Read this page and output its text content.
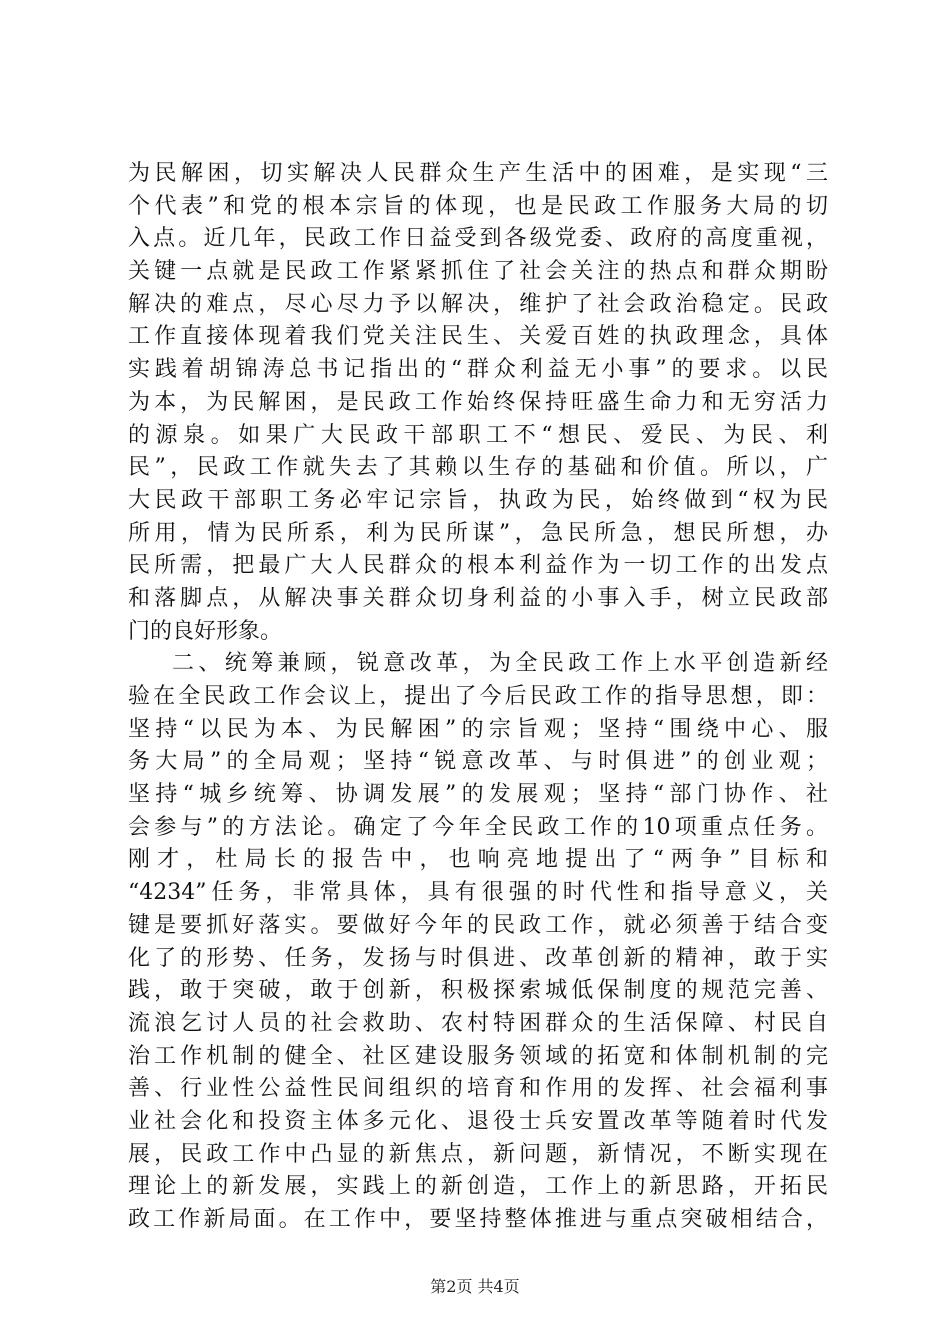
为民解困，切实解决人民群众生产生活中的困难，是实现“三
个代表”和党的根本宗旨的体现，也是民政工作服务大局的切
入点。近几年，民政工作日益受到各级党委、政府的高度重视，
关键一点就是民政工作紧紧抓住了社会关注的热点和群众期盼
解决的难点，尽心尽力予以解决，维护了社会政治稳定。民政
工作直接体现着我们党关注民生、关爱百姓的执政理念，具体
实践着胡锦涛总书记指出的“群众利益无小事”的要求。以民
为本，为民解困，是民政工作始终保持旺盛生命力和无穷活力
的源泉。如果广大民政干部职工不“想民、爱民、为民、利
民”，民政工作就失去了其赖以生存的基础和价值。所以，广
大民政干部职工务必牢记宗旨，执政为民，始终做到“权为民
所用，情为民所系，利为民所谋”，急民所急，想民所想，办
民所需，把最广大人民群众的根本利益作为一切工作的出发点
和落脚点，从解决事关群众切身利益的小事入手，树立民政部
门的良好形象。
二、统筹兼顾，锐意改革，为全民政工作上水平创造新经
验在全民政工作会议上，提出了今后民政工作的指导思想，即：
坚持“以民为本、为民解困”的宗旨观；坚持“围绕中心、服
务大局”的全局观；坚持“锐意改革、与时俱进”的创业观；
坚持“城乡统筹、协调发展”的发展观；坚持“部门协作、社
会参与”的方法论。确定了今年全民政工作的10项重点任务。
刚才，杜局长的报告中，也响亮地提出了“两争”目标和
“4234”任务，非常具体，具有很强的时代性和指导意义，关
键是要抓好落实。要做好今年的民政工作，就必须善于结合变
化了的形势、任务，发扬与时俱进、改革创新的精神，敢于实
践，敢于突破，敢于创新，积极探索城低保制度的规范完善、
流浪乞讨人员的社会救助、农村特困群众的生活保障、村民自
治工作机制的健全、社区建设服务领域的拓宽和体制机制的完
善、行业性公益性民间组织的培育和作用的发挥、社会福利事
业社会化和投资主体多元化、退役士兵安置改革等随着时代发
展，民政工作中凸显的新焦点，新问题，新情况，不断实现在
理论上的新发展，实践上的新创造，工作上的新思路，开拓民
政工作新局面。在工作中，要坚持整体推进与重点突破相结合，
第2页 共4页
